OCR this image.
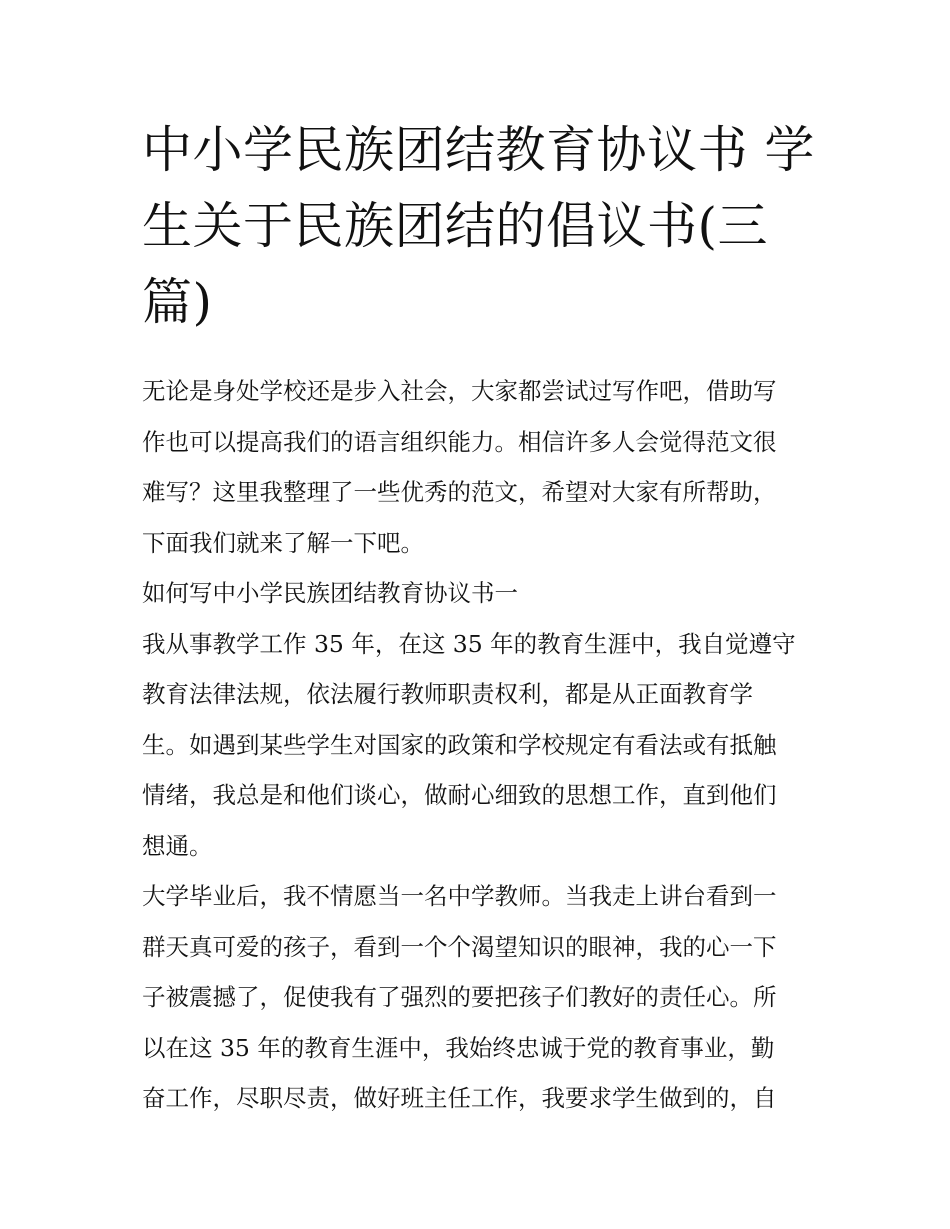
中小学民族团结教育协议书 学
生关于民族团结的倡议书(三
篇)
无论是身处学校还是步入社会，大家都尝试过写作吧，借助写
作也可以提高我们的语言组织能力。相信许多人会觉得范文很
难写？这里我整理了一些优秀的范文，希望对大家有所帮助，
下面我们就来了解一下吧。
如何写中小学民族团结教育协议书一
我从事教学工作 35 年，在这 35 年的教育生涯中，我自觉遵守
教育法律法规，依法履行教师职责权利，都是从正面教育学
生。如遇到某些学生对国家的政策和学校规定有看法或有抵触
情绪，我总是和他们谈心，做耐心细致的思想工作，直到他们
想通。
大学毕业后，我不情愿当一名中学教师。当我走上讲台看到一
群天真可爱的孩子，看到一个个渴望知识的眼神，我的心一下
子被震撼了，促使我有了强烈的要把孩子们教好的责任心。所
以在这 35 年的教育生涯中，我始终忠诚于党的教育事业，勤
奋工作，尽职尽责，做好班主任工作，我要求学生做到的，自
